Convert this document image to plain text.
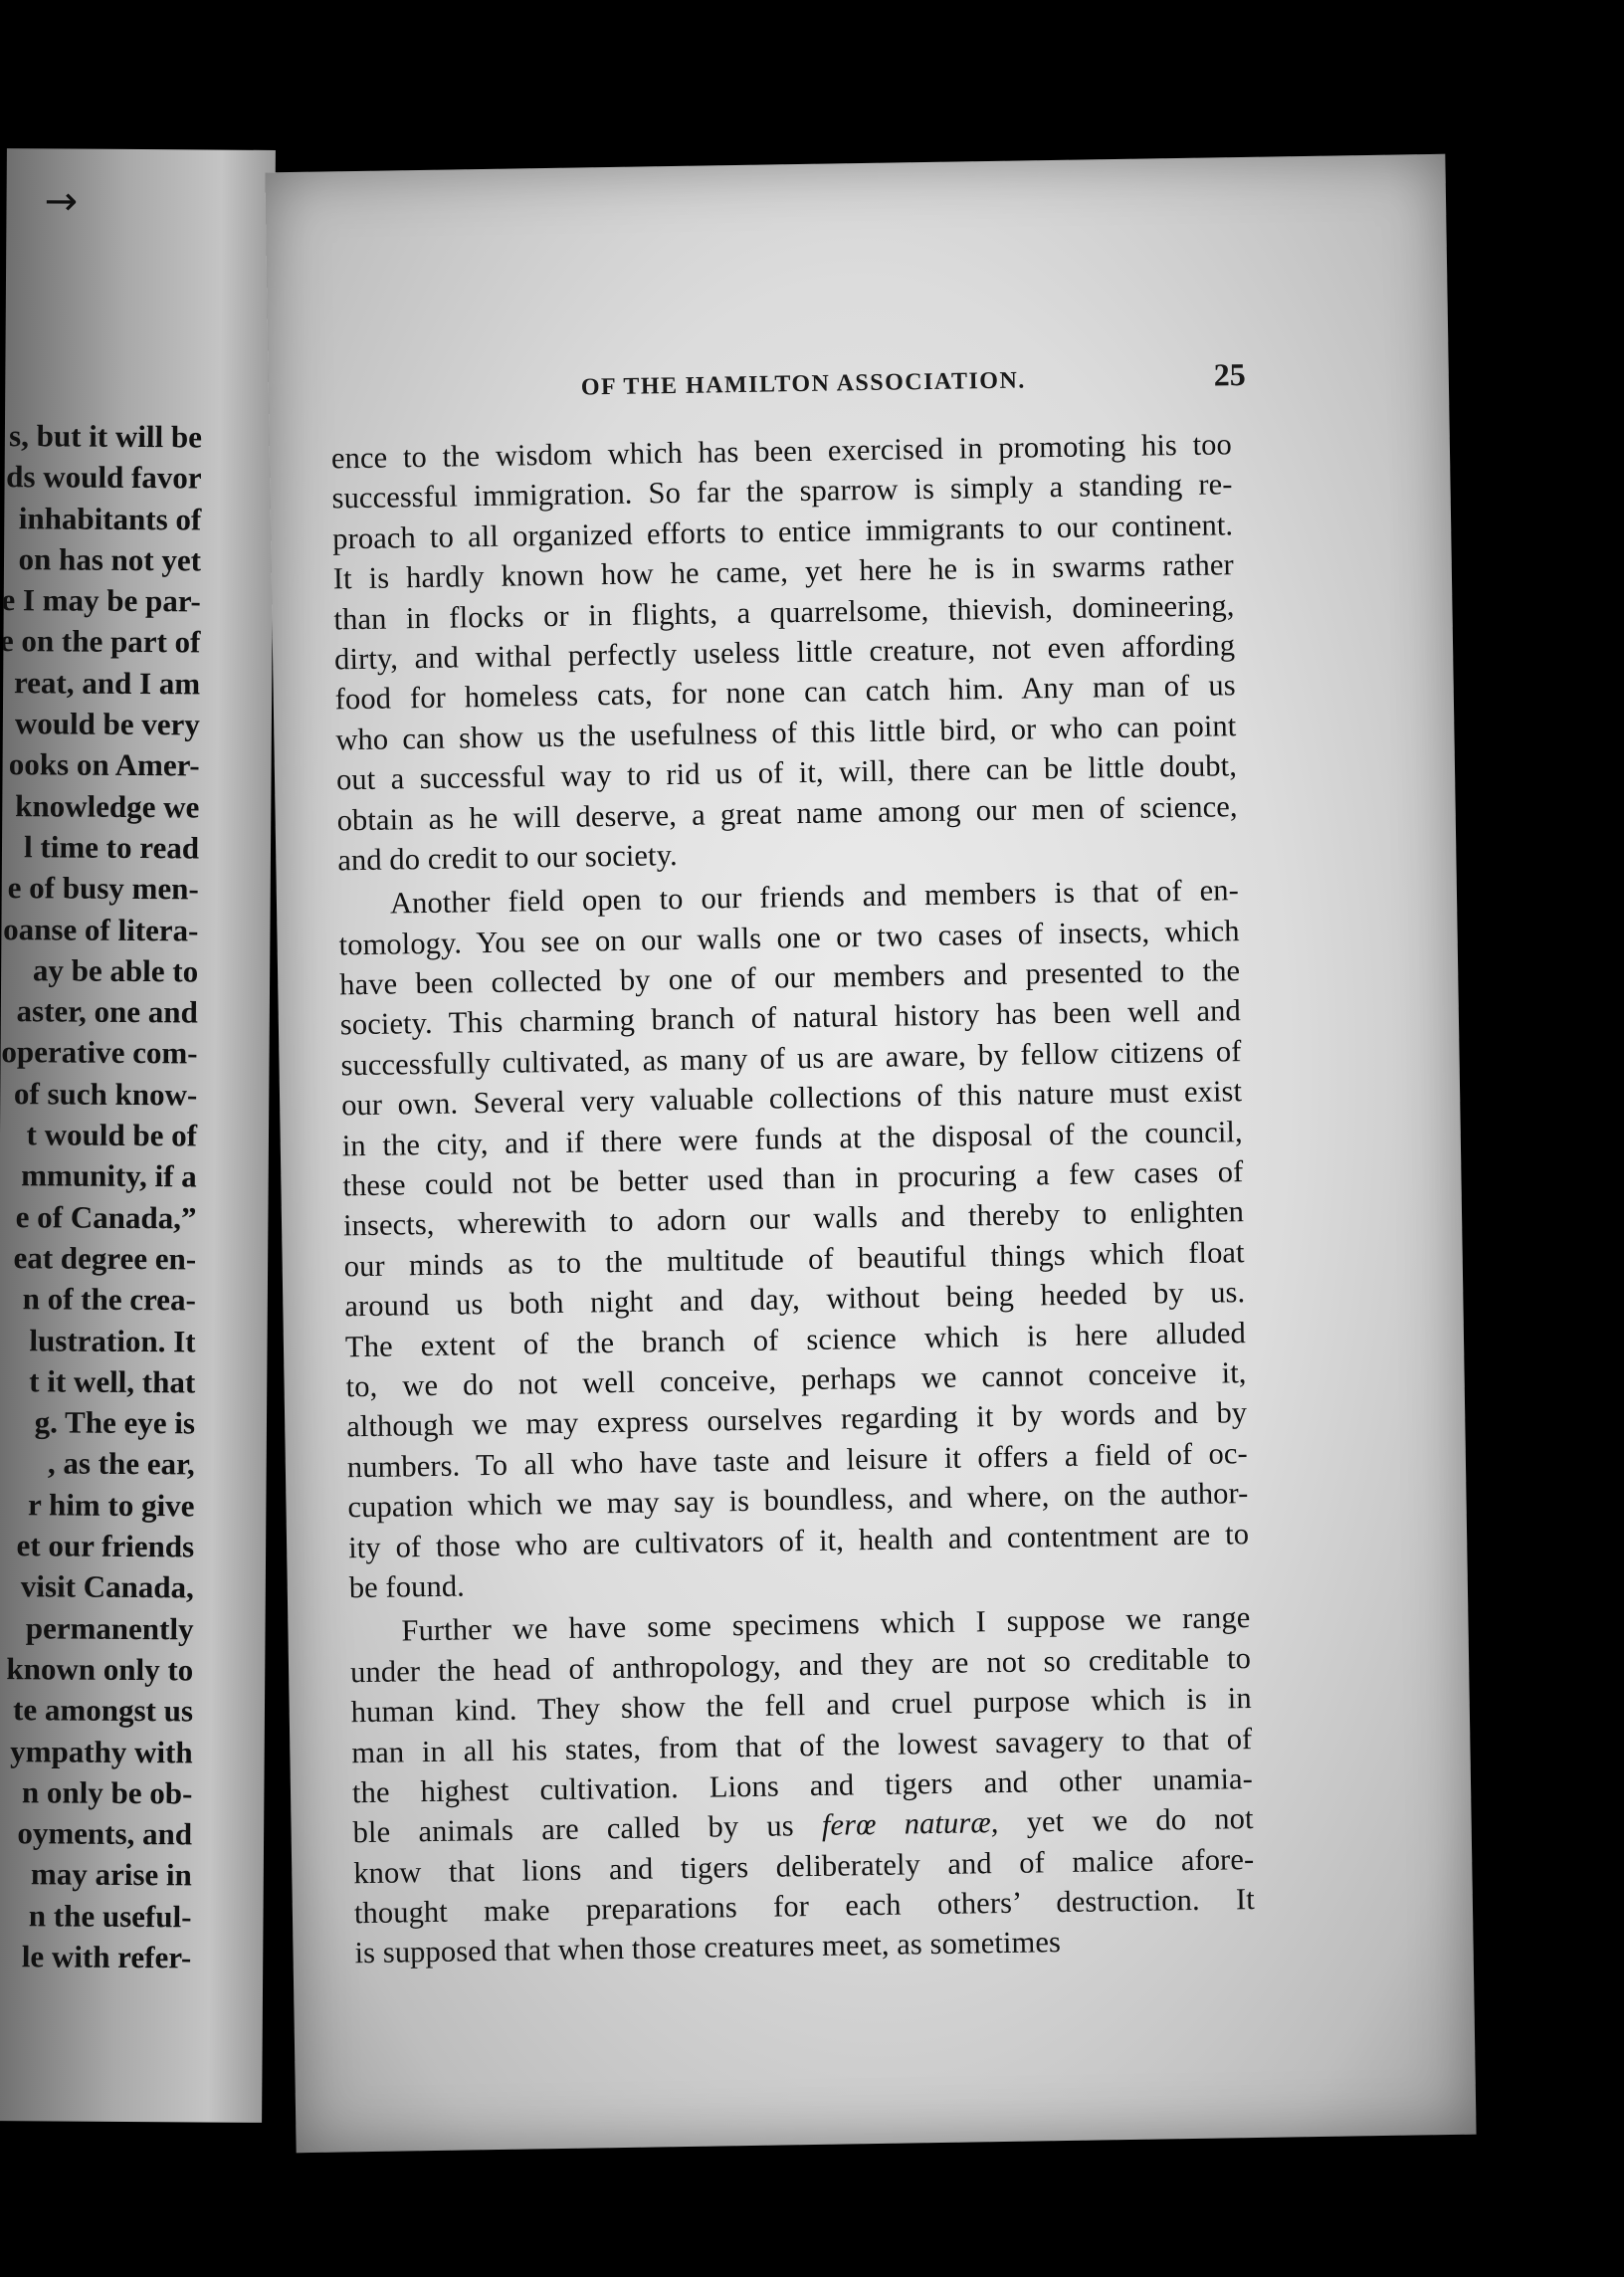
→
s, but it will be
ds would favor
inhabitants of
on has not yet
e I may be par-
e on the part of
reat, and I am
would be very
ooks on Amer-
knowledge we
l time to read
e of busy men-
oanse of litera-
ay be able to
aster, one and
operative com-
of such know-
t would be of
mmunity, if a
e of Canada,”
eat degree en-
n of the crea-
lustration. It
t it well, that
g. The eye is
, as the ear,
r him to give
et our friends
visit Canada,
permanently
known only to
te amongst us
ympathy with
n only be ob-
oyments, and
may arise in
n the useful-
le with refer-
OF THE HAMILTON ASSOCIATION.	25
ence to the wisdom which has been exercised in promoting his too
successful immigration. So far the sparrow is simply a standing re-
proach to all organized efforts to entice immigrants to our continent.
It is hardly known how he came, yet here he is in swarms rather
than in flocks or in flights, a quarrelsome, thievish, domineering,
dirty, and withal perfectly useless little creature, not even affording
food for homeless cats, for none can catch him. Any man of us
who can show us the usefulness of this little bird, or who can point
out a successful way to rid us of it, will, there can be little doubt,
obtain as he will deserve, a great name among our men of science,
and do credit to our society.
Another field open to our friends and members is that of en-
tomology. You see on our walls one or two cases of insects, which
have been collected by one of our members and presented to the
society. This charming branch of natural history has been well and
successfully cultivated, as many of us are aware, by fellow citizens of
our own. Several very valuable collections of this nature must exist
in the city, and if there were funds at the disposal of the council,
these could not be better used than in procuring a few cases of
insects, wherewith to adorn our walls and thereby to enlighten
our minds as to the multitude of beautiful things which float
around us both night and day, without being heeded by us.
The extent of the branch of science which is here alluded
to, we do not well conceive, perhaps we cannot conceive it,
although we may express ourselves regarding it by words and by
numbers. To all who have taste and leisure it offers a field of oc-
cupation which we may say is boundless, and where, on the author-
ity of those who are cultivators of it, health and contentment are to
be found.
Further we have some specimens which I suppose we range
under the head of anthropology, and they are not so creditable to
human kind. They show the fell and cruel purpose which is in
man in all his states, from that of the lowest savagery to that of
the highest cultivation. Lions and tigers and other unamia-
ble animals are called by us ferœ naturæ, yet we do not
know that lions and tigers deliberately and of malice afore-
thought make preparations for each others’ destruction. It
is supposed that when those creatures meet, as sometimes
